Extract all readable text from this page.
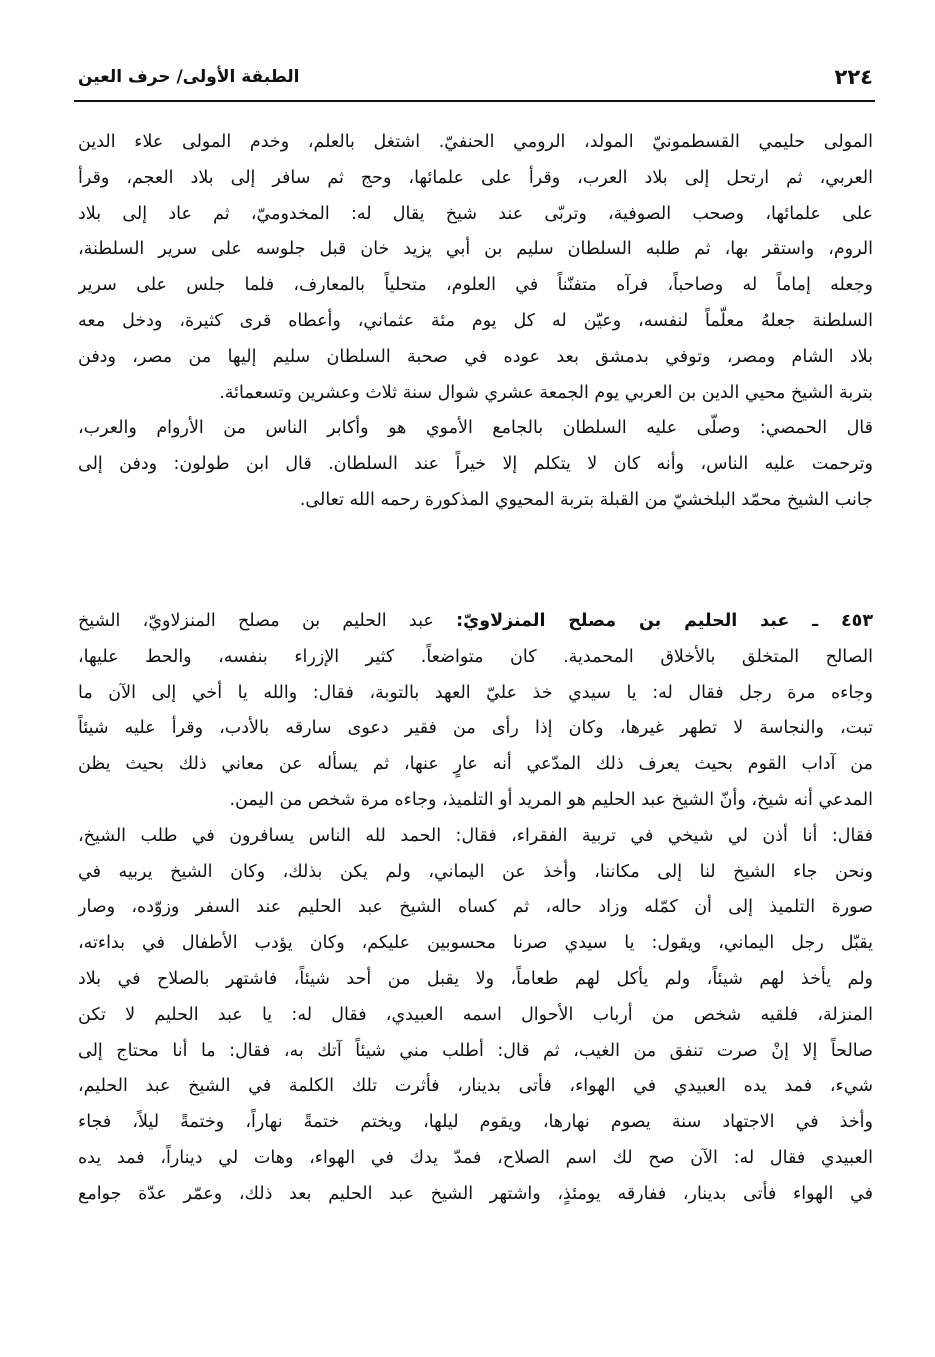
٢٢٤
الطبقة الأولى/ حرف العين
المولى حليمي القسطمونيّ المولد، الرومي الحنفيّ. اشتغل بالعلم، وخدم المولى علاء الدين
العربي، ثم ارتحل إلى بلاد العرب، وقرأ على علمائها، وحج ثم سافر إلى بلاد العجم، وقرأ
على علمائها، وصحب الصوفية، وتربّى عند شيخ يقال له: المخدوميّ، ثم عاد إلى بلاد
الروم، واستقر بها، ثم طلبه السلطان سليم بن أبي يزيد خان قبل جلوسه على سرير السلطنة،
وجعله إماماً له وصاحباً، فرآه متفنّناً في العلوم، متحلياً بالمعارف، فلما جلس على سرير
السلطنة جعلهُ معلّماً لنفسه، وعيّن له كل يوم مئة عثماني، وأعطاه قرى كثيرة، ودخل معه
بلاد الشام ومصر، وتوفي بدمشق بعد عوده في صحبة السلطان سليم إليها من مصر، ودفن
بتربة الشيخ محيي الدين بن العربي يوم الجمعة عشري شوال سنة ثلاث وعشرين وتسعمائة.
قال الحمصي: وصلّى عليه السلطان بالجامع الأموي هو وأكابر الناس من الأروام والعرب،
وترحمت عليه الناس، وأنه كان لا يتكلم إلا خيراً عند السلطان. قال ابن طولون: ودفن إلى
جانب الشيخ محمّد البلخشيّ من القبلة بتربة المحيوي المذكورة رحمه الله تعالى.
٤٥٣ ـ عبد الحليم بن مصلح المنزلاويّ: عبد الحليم بن مصلح المنزلاويّ، الشيخ
الصالح المتخلق بالأخلاق المحمدية. كان متواضعاً. كثير الإزراء بنفسه، والحط عليها،
وجاءه مرة رجل فقال له: يا سيدي خذ عليّ العهد بالتوبة، فقال: والله يا أخي إلى الآن ما
تبت، والنجاسة لا تطهر غيرها، وكان إذا رأى من فقير دعوى سارقه بالأدب، وقرأ عليه شيئاً
من آداب القوم بحيث يعرف ذلك المدّعي أنه عارٍ عنها، ثم يسأله عن معاني ذلك بحيث يظن
المدعي أنه شيخ، وأنّ الشيخ عبد الحليم هو المريد أو التلميذ، وجاءه مرة شخص من اليمن.
فقال: أنا أذن لي شيخي في تربية الفقراء، فقال: الحمد لله الناس يسافرون في طلب الشيخ،
ونحن جاء الشيخ لنا إلى مكاننا، وأخذ عن اليماني، ولم يكن بذلك، وكان الشيخ يربيه في
صورة التلميذ إلى أن كمّله وزاد حاله، ثم كساه الشيخ عبد الحليم عند السفر وزوّده، وصار
يقبّل رجل اليماني، ويقول: يا سيدي صرنا محسوبين عليكم، وكان يؤدب الأطفال في بداءته،
ولم يأخذ لهم شيئاً، ولم يأكل لهم طعاماً، ولا يقبل من أحد شيئاً، فاشتهر بالصلاح في بلاد
المنزلة، فلقيه شخص من أرباب الأحوال اسمه العبيدي، فقال له: يا عبد الحليم لا تكن
صالحاً إلا إنْ صرت تنفق من الغيب، ثم قال: أطلب مني شيئاً آتك به، فقال: ما أنا محتاج إلى
شيء، فمد يده العبيدي في الهواء، فأتى بدينار، فأثرت تلك الكلمة في الشيخ عبد الحليم،
وأخذ في الاجتهاد سنة يصوم نهارها، ويقوم ليلها، ويختم ختمةً نهاراً، وختمةً ليلاً، فجاء
العبيدي فقال له: الآن صح لك اسم الصلاح، فمدّ يدك في الهواء، وهات لي ديناراً، فمد يده
في الهواء فأتى بدينار، ففارقه يومئذٍ، واشتهر الشيخ عبد الحليم بعد ذلك، وعمّر عدّة جوامع
